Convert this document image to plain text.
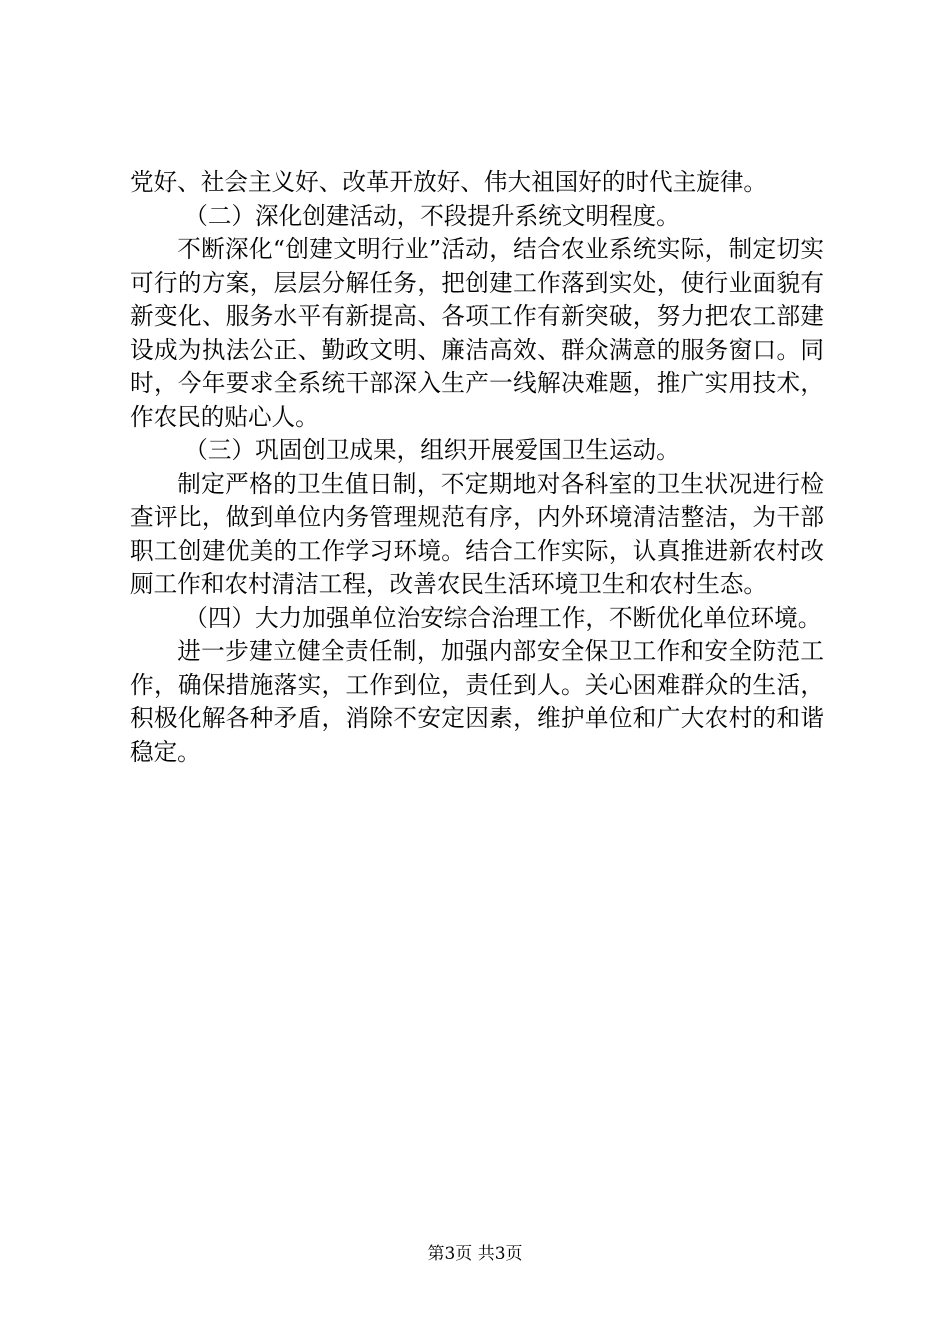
党好、社会主义好、改革开放好、伟大祖国好的时代主旋律。

（二）深化创建活动，不段提升系统文明程度。

不断深化“创建文明行业”活动，结合农业系统实际，制定切实可行的方案，层层分解任务，把创建工作落到实处，使行业面貌有新变化、服务水平有新提高、各项工作有新突破，努力把农工部建设成为执法公正、勤政文明、廉洁高效、群众满意的服务窗口。同时，今年要求全系统干部深入生产一线解决难题，推广实用技术，作农民的贴心人。

（三）巩固创卫成果，组织开展爱国卫生运动。

制定严格的卫生值日制，不定期地对各科室的卫生状况进行检查评比，做到单位内务管理规范有序，内外环境清洁整洁，为干部职工创建优美的工作学习环境。结合工作实际，认真推进新农村改厕工作和农村清洁工程，改善农民生活环境卫生和农村生态。

（四）大力加强单位治安综合治理工作，不断优化单位环境。

进一步建立健全责任制，加强内部安全保卫工作和安全防范工作，确保措施落实，工作到位，责任到人。关心困难群众的生活，积极化解各种矛盾，消除不安定因素，维护单位和广大农村的和谐稳定。

第3页 共3页
